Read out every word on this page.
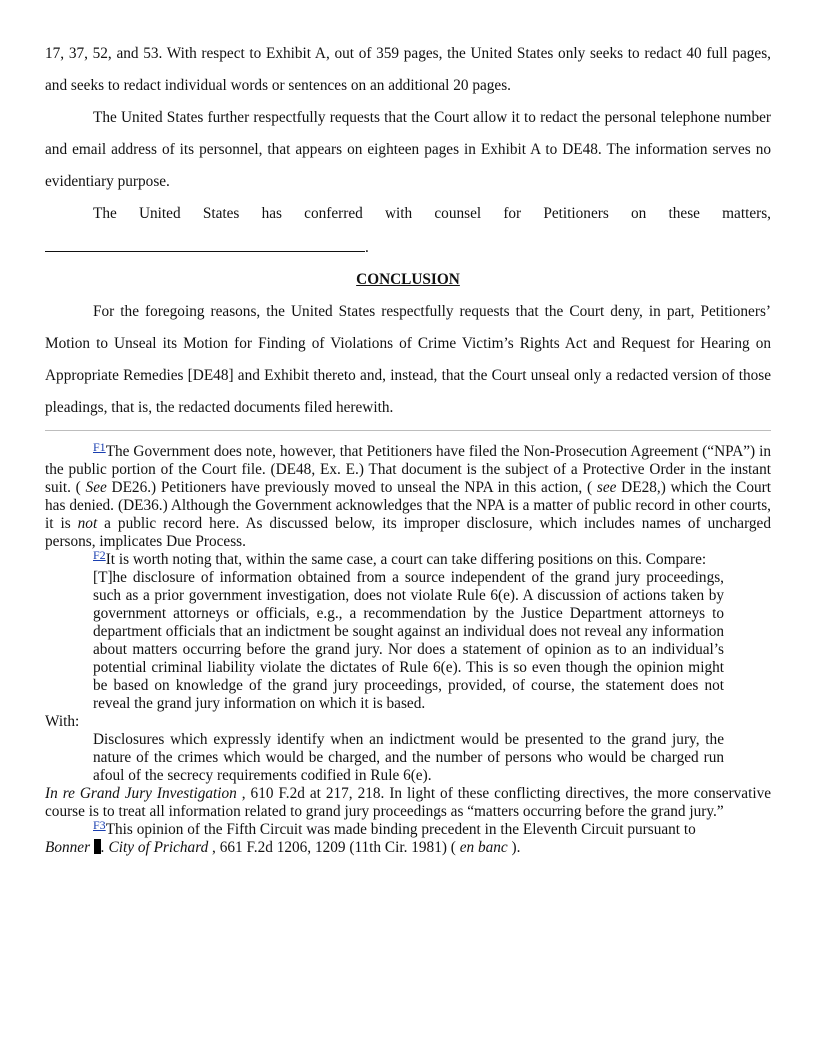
17, 37, 52, and 53. With respect to Exhibit A, out of 359 pages, the United States only seeks to redact 40 full pages, and seeks to redact individual words or sentences on an additional 20 pages.

The United States further respectfully requests that the Court allow it to redact the personal telephone number and email address of its personnel, that appears on eighteen pages in Exhibit A to DE48. The information serves no evidentiary purpose.

The United States has conferred with counsel for Petitioners on these matters,

.

CONCLUSION

For the foregoing reasons, the United States respectfully requests that the Court deny, in part, Petitioners’ Motion to Unseal its Motion for Finding of Violations of Crime Victim’s Rights Act and Request for Hearing on Appropriate Remedies [DE48] and Exhibit thereto and, instead, that the Court unseal only a redacted version of those pleadings, that is, the redacted documents filed herewith.

$^{F1}$The Government does note, however, that Petitioners have filed the Non-Prosecution Agreement (“NPA”) in the public portion of the Court file. (DE48, Ex. E.) That document is the subject of a Protective Order in the instant suit. ( See DE26.) Petitioners have previously moved to unseal the NPA in this action, ( see DE28,) which the Court has denied. (DE36.) Although the Government acknowledges that the NPA is a matter of public record in other courts, it is not a public record here. As discussed below, its improper disclosure, which includes names of uncharged persons, implicates Due Process.

$^{F2}$It is worth noting that, within the same case, a court can take differing positions on this. Compare:

[T]he disclosure of information obtained from a source independent of the grand jury proceedings, such as a prior government investigation, does not violate Rule 6(e). A discussion of actions taken by government attorneys or officials, e.g., a recommendation by the Justice Department attorneys to department officials that an indictment be sought against an individual does not reveal any information about matters occurring before the grand jury. Nor does a statement of opinion as to an individual’s potential criminal liability violate the dictates of Rule 6(e). This is so even though the opinion might be based on knowledge of the grand jury proceedings, provided, of course, the statement does not reveal the grand jury information on which it is based.

With:

Disclosures which expressly identify when an indictment would be presented to the grand jury, the nature of the crimes which would be charged, and the number of persons who would be charged run afoul of the secrecy requirements codified in Rule 6(e).

In re Grand Jury Investigation , 610 F.2d at 217, 218. In light of these conflicting directives, the more conservative course is to treat all information related to grand jury proceedings as “matters occurring before the grand jury.”

$^{F3}$This opinion of the Fifth Circuit was made binding precedent in the Eleventh Circuit pursuant to

Bonner . City of Prichard , 661 F.2d 1206, 1209 (11th Cir. 1981) ( en banc ).
